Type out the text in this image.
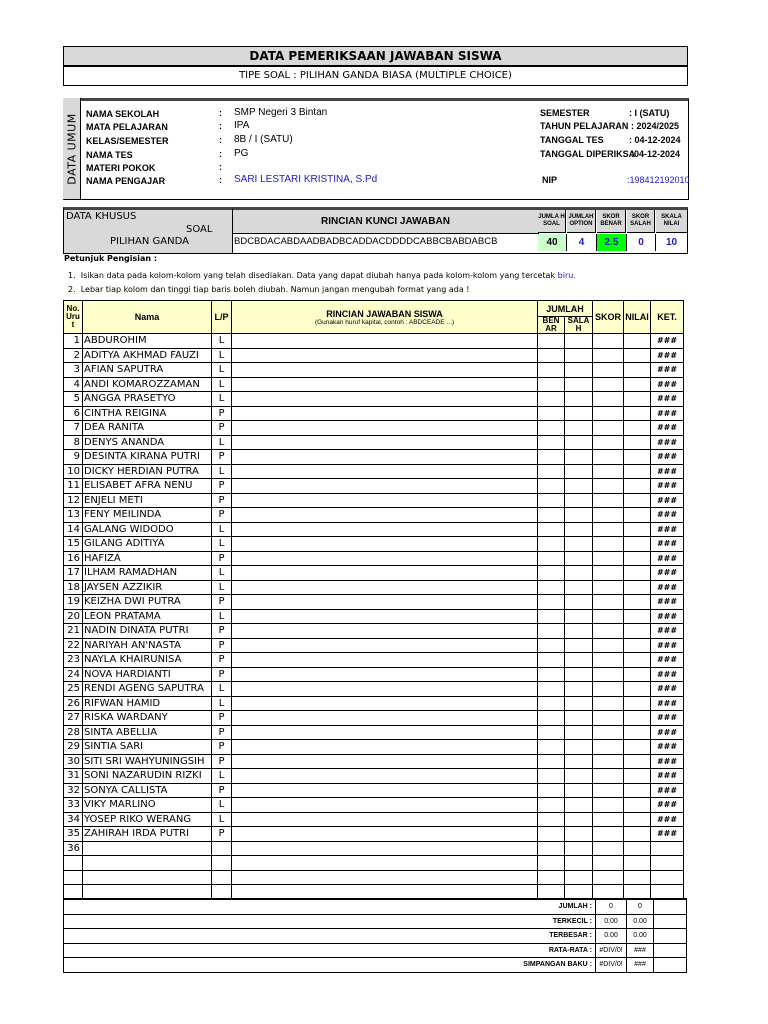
DATA PEMERIKSAAN JAWABAN SISWA
TIPE SOAL : PILIHAN GANDA BIASA (MULTIPLE CHOICE)
DATA UMUM NAMA SEKOLAH	: SMP Negeri 3 Bintan
MATA PELAJARAN	: IPA
KELAS/SEMESTER	: 8B / I (SATU)
NAMA TES	: PG
MATERI POKOK	:
NAMA PENGAJAR	: SARI LESTARI KRISTINA, S.Pd
SEMESTER	: I (SATU)
TAHUN PELAJARAN : 2024/2025
TANGGAL TES	: 04-12-2024
TANGGAL DIPERIKSA
:04-12-2024
NIP	:198412192010
DATA KHUSUS
SOAL
PILIHAN GANDA
RINCIAN KUNCI JAWABAN
BDCBDACABDAADBADBCADDACDDDDCABBCBABDABCB
JUMLA H SOAL
JUMLAH OPTION
SKOR BENAR
SKOR SALAH
SKALA NILAI
40	4	2.5	0	10
Petunjuk Pengisian :
1. Isikan data pada kolom-kolom yang telah disediakan. Data yang dapat diubah hanya pada kolom-kolom yang tercetak biru.
2. Lebar tiap kolom dan tinggi tiap baris boleh diubah. Namun jangan mengubah format yang ada !
No. Uru t	Nama	L/P	RINCIAN JAWABAN SISWA
(Gunakan huruf kapital, contoh : ABDCEADE ...)	JUMLAH		SKOR	NILAI	KET.
				BEN AR	SALA H			
1	ABDUROHIM	L						###
2	ADITYA AKHMAD FAUZI	L						###
3	AFIAN SAPUTRA	L						###
4	ANDI KOMAROZZAMAN	L						###
5	ANGGA PRASETYO	L						###
6	CINTHA REIGINA	P						###
7	DEA RANITA	P						###
8	DENYS ANANDA	L						###
9	DESINTA KIRANA PUTRI	P						###
10	DICKY HERDIAN PUTRA	L						###
11	ELISABET AFRA NENU	P						###
12	ENJELI METI	P						###
13	FENY MEILINDA	P						###
14	GALANG WIDODO	L						###
15	GILANG ADITIYA	L						###
16	HAFIZA	P						###
17	ILHAM RAMADHAN	L						###
18	JAYSEN AZZIKIR	L						###
19	KEIZHA DWI PUTRA	P						###
20	LEON PRATAMA	L						###
21	NADIN DINATA PUTRI	P						###
22	NARIYAH AN'NASTA	P						###
23	NAYLA KHAIRUNISA	P						###
24	NOVA HARDIANTI	P						###
25	RENDI AGENG SAPUTRA	L						###
26	RIFWAN HAMID	L						###
27	RISKA WARDANY	P						###
28	SINTA ABELLIA	P						###
29	SINTIA SARI	P						###
30	SITI SRI WAHYUNINGSIH	P						###
31	SONI NAZARUDIN RIZKI	L						###
32	SONYA CALLISTA	P						###
33	VIKY MARLINO	L						###
34	YOSEP RIKO WERANG	L						###
35	ZAHIRAH IRDA PUTRI	P						###
36								

JUMLAH :	0	0	
TERKECIL :	0.00	0.00	
TERBESAR :	0.00	0.00	
RATA-RATA :	#DIV/0!	###	
SIMPANGAN BAKU :	#DIV/0!	###	
